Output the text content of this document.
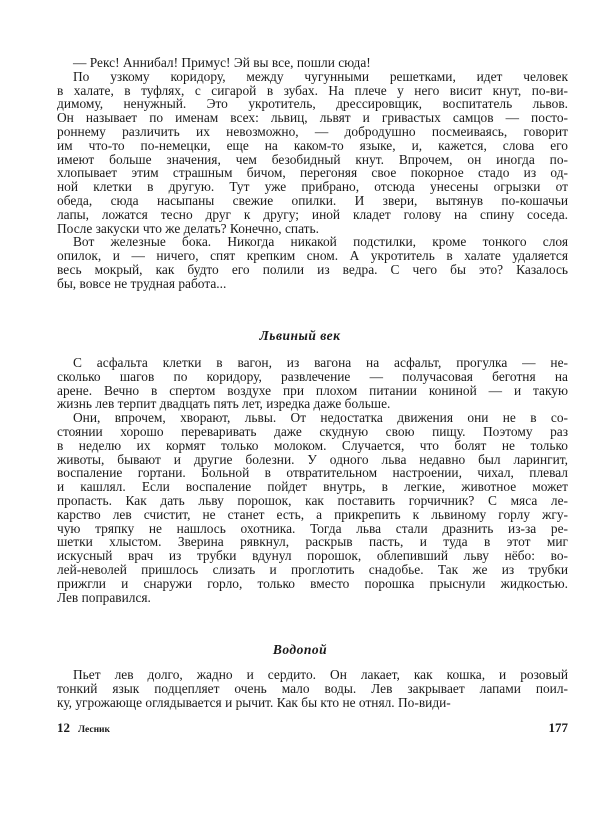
— Рекс! Аннибал! Примус! Эй вы все, пошли сюда!
По узкому коридору, между чугунными решетками, идет человек
в халате, в туфлях, с сигарой в зубах. На плече у него висит кнут, по-ви-
димому, ненужный. Это укротитель, дрессировщик, воспитатель львов.
Он называет по именам всех: львиц, львят и гривастых самцов — посто-
роннему различить их невозможно, — добродушно посмеиваясь, говорит
им что-то по-немецки, еще на каком-то языке, и, кажется, слова его
имеют больше значения, чем безобидный кнут. Впрочем, он иногда по-
хлопывает этим страшным бичом, перегоняя свое покорное стадо из од-
ной клетки в другую. Тут уже прибрано, отсюда унесены огрызки от
обеда, сюда насыпаны свежие опилки. И звери, вытянув по-кошачьи
лапы, ложатся тесно друг к другу; иной кладет голову на спину соседа.
После закуски что же делать? Конечно, спать.
Вот железные бока. Никогда никакой подстилки, кроме тонкого слоя
опилок, и — ничего, спят крепким сном. А укротитель в халате удаляется
весь мокрый, как будто его полили из ведра. С чего бы это? Казалось
бы, вовсе не трудная работа...
Львиный век
С асфальта клетки в вагон, из вагона на асфальт, прогулка — не-
сколько шагов по коридору, развлечение — получасовая беготня на
арене. Вечно в спертом воздухе при плохом питании кониной — и такую
жизнь лев терпит двадцать пять лет, изредка даже больше.
Они, впрочем, хворают, львы. От недостатка движения они не в со-
стоянии хорошо переваривать даже скудную свою пищу. Поэтому раз
в неделю их кормят только молоком. Случается, что болят не только
животы, бывают и другие болезни. У одного льва недавно был ларингит,
воспаление гортани. Больной в отвратительном настроении, чихал, плевал
и кашлял. Если воспаление пойдет внутрь, в легкие, животное может
пропасть. Как дать льву порошок, как поставить горчичник? С мяса ле-
карство лев счистит, не станет есть, а прикрепить к львиному горлу жгу-
чую тряпку не нашлось охотника. Тогда льва стали дразнить из-за ре-
шетки хлыстом. Зверина рявкнул, раскрыв пасть, и туда в этот миг
искусный врач из трубки вдунул порошок, облепивший льву нёбо: во-
лей-неволей пришлось слизать и проглотить снадобье. Так же из трубки
прижгли и снаружи горло, только вместо порошка прыснули жидкостью.
Лев поправился.
Водопой
Пьет лев долго, жадно и сердито. Он лакает, как кошка, и розовый
тонкий язык подцепляет очень мало воды. Лев закрывает лапами поил-
ку, угрожающе оглядывается и рычит. Как бы кто не отнял. По-види-
12 Лесник	177
